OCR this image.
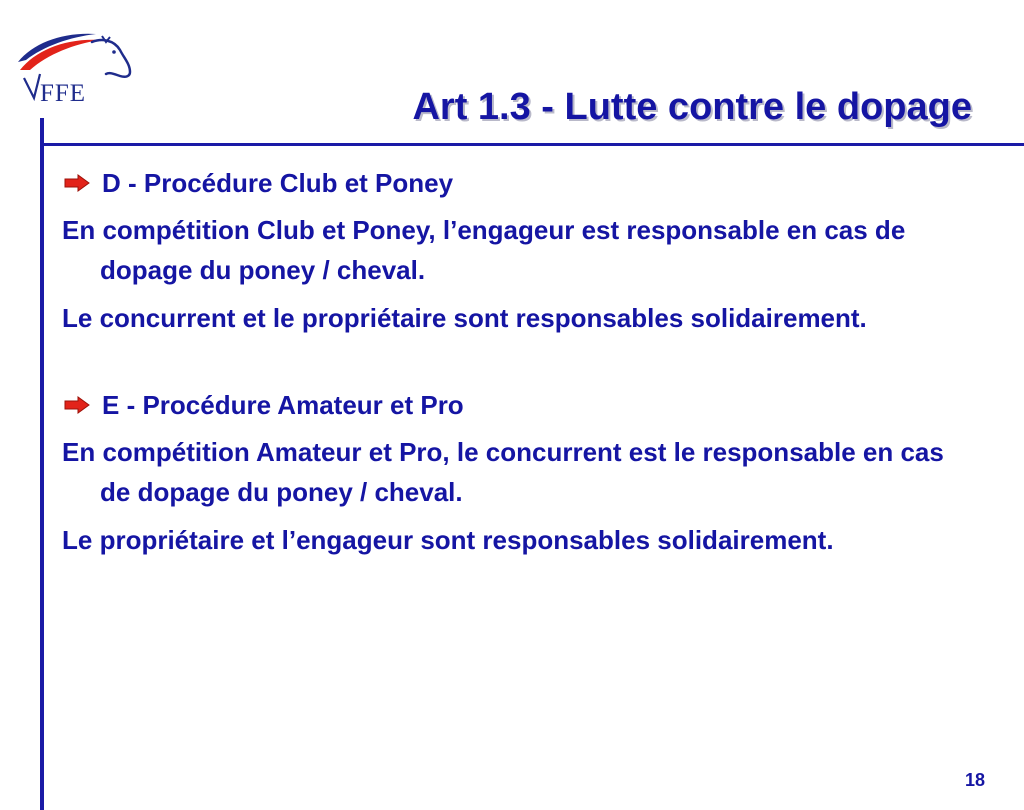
FFE	Art 1.3 - Lutte contre le dopage
D - Procédure Club et Poney
En compétition Club et Poney, l’engageur est responsable en cas de dopage du poney / cheval.
Le concurrent et le propriétaire sont responsables solidairement.
E - Procédure Amateur et Pro
En compétition Amateur et Pro, le concurrent est le responsable en cas de dopage du poney / cheval.
Le propriétaire et l’engageur sont responsables solidairement.
18
